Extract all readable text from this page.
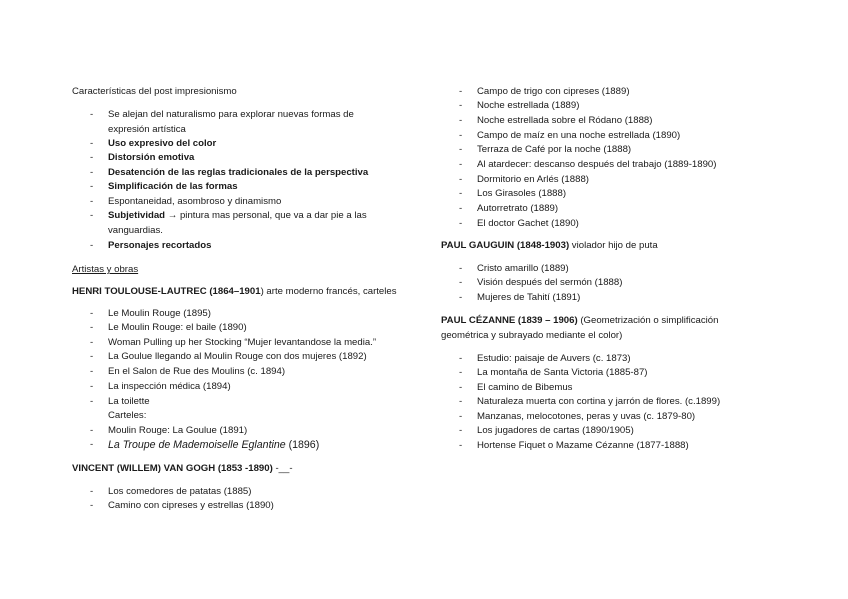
Características del post impresionismo
- Se alejan del naturalismo para explorar nuevas formas de expresión artística
- Uso expresivo del color
- Distorsión emotiva
- Desatención de las reglas tradicionales de la perspectiva
- Simplificación de las formas
- Espontaneidad, asombroso y dinamismo
- Subjetividad → pintura mas personal, que va a dar pie a las vanguardias.
- Personajes recortados
Artistas y obras
HENRI TOULOUSE-LAUTREC (1864–1901) arte moderno francés, carteles
- Le Moulin Rouge (1895)
- Le Moulin Rouge: el baile (1890)
- Woman Pulling up her Stocking “Mujer levantandose la media.”
- La Goulue llegando al Moulin Rouge con dos mujeres (1892)
- En el Salon de Rue des Moulins (c. 1894)
- La inspección médica (1894)
- La toilette
Carteles:
- Moulin Rouge: La Goulue (1891)
- La Troupe de Mademoiselle Eglantine (1896)
VINCENT (WILLEM) VAN GOGH (1853 -1890) -__-
- Los comedores de patatas (1885)
- Camino con cipreses y estrellas (1890)
- Campo de trigo con cipreses (1889)
- Noche estrellada (1889)
- Noche estrellada sobre el Ródano (1888)
- Campo de maíz en una noche estrellada (1890)
- Terraza de Café por la noche (1888)
- Al atardecer: descanso después del trabajo (1889-1890)
- Dormitorio en Arlés (1888)
- Los Girasoles (1888)
- Autorretrato (1889)
- El doctor Gachet (1890)
PAUL GAUGUIN (1848-1903) violador hijo de puta
- Cristo amarillo (1889)
- Visión después del sermón (1888)
- Mujeres de Tahití (1891)
PAUL CÉZANNE (1839 – 1906) (Geometrización o simplificación
geométrica y subrayado mediante el color)
- Estudio: paisaje de Auvers (c. 1873)
- La montaña de Santa Victoria (1885-87)
- El camino de Bibemus
- Naturaleza muerta con cortina y jarrón de flores. (c.1899)
- Manzanas, melocotones, peras y uvas (c. 1879-80)
- Los jugadores de cartas (1890/1905)
- Hortense Fiquet o Mazame Cézanne (1877-1888)
